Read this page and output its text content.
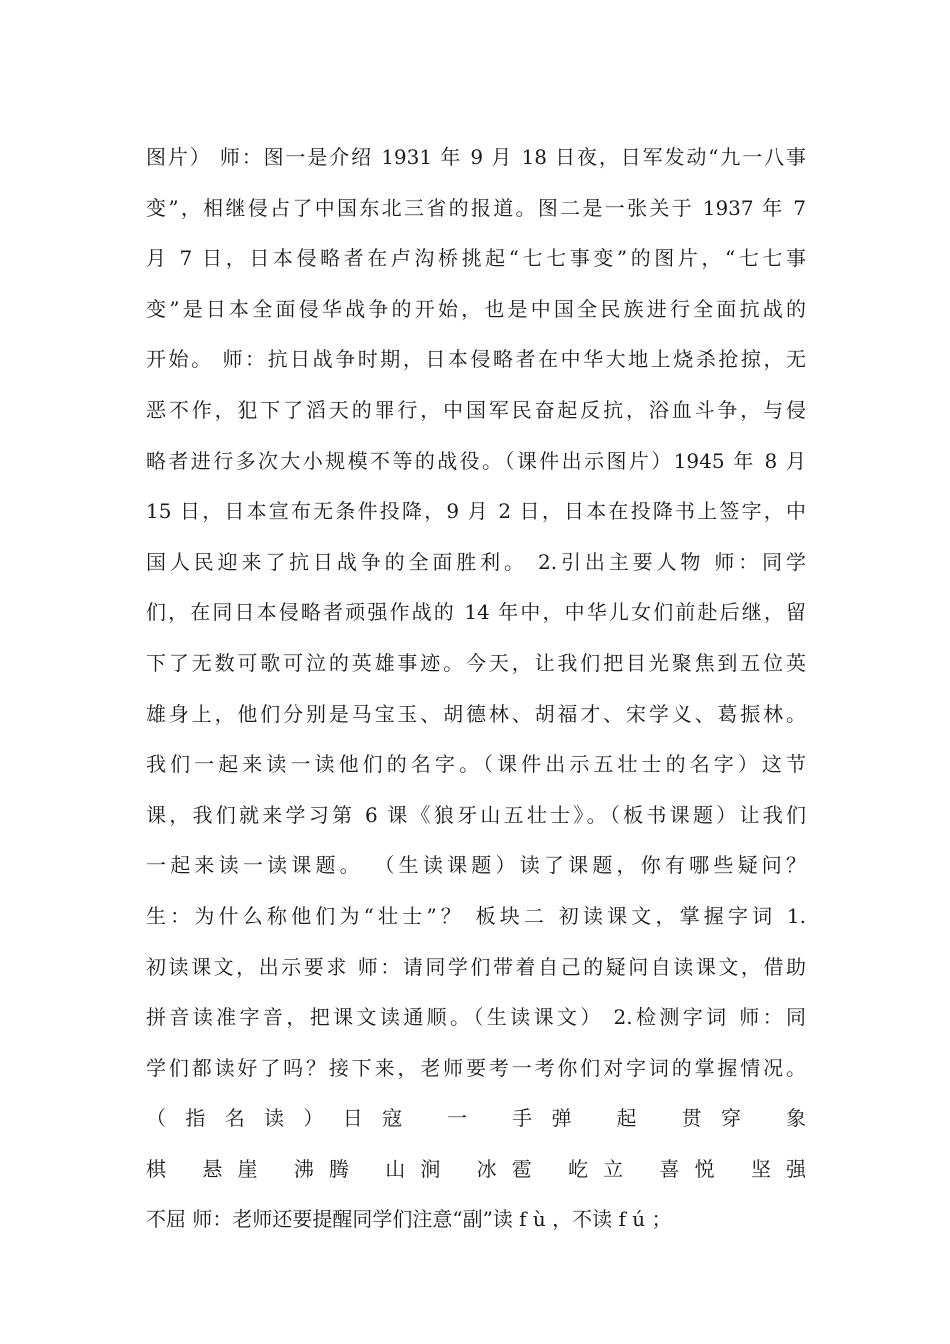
图片） 师：图一是介绍 1931 年 9 月 18 日夜，日军发动“九一八事
变”，相继侵占了中国东北三省的报道。图二是一张关于 1937 年 7
月 7 日，日本侵略者在卢沟桥挑起“七七事变”的图片，“七七事
变”是日本全面侵华战争的开始，也是中国全民族进行全面抗战的
开始。 师：抗日战争时期，日本侵略者在中华大地上烧杀抢掠，无
恶不作，犯下了滔天的罪行，中国军民奋起反抗，浴血斗争，与侵
略者进行多次大小规模不等的战役。（课件出示图片）1945 年 8 月
15 日，日本宣布无条件投降，9 月 2 日，日本在投降书上签字，中
国人民迎来了抗日战争的全面胜利。 2.引出主要人物 师：同学
们，在同日本侵略者顽强作战的 14 年中，中华儿女们前赴后继，留
下了无数可歌可泣的英雄事迹。今天，让我们把目光聚焦到五位英
雄身上，他们分别是马宝玉、胡德林、胡福才、宋学义、葛振林。
我们一起来读一读他们的名字。（课件出示五壮士的名字）这节
课，我们就来学习第 6 课《狼牙山五壮士》。（板书课题）让我们
一起来读一读课题。 （生读课题）读了课题，你有哪些疑问？
生：为什么称他们为“壮士”？ 板块二 初读课文，掌握字词 1.
初读课文，出示要求 师：请同学们带着自己的疑问自读课文，借助
拼音读准字音，把课文读通顺。（生读课文） 2.检测字词 师：同
学们都读好了吗？接下来，老师要考一考你们对字词的掌握情况。
（指名读）日寇 一 手弹 起 贯穿 象
棋 悬崖 沸腾 山涧 冰雹 屹立 喜悦 坚强
不屈 师：老师还要提醒同学们注意“副”读 f ù ，不读 f ú ；
